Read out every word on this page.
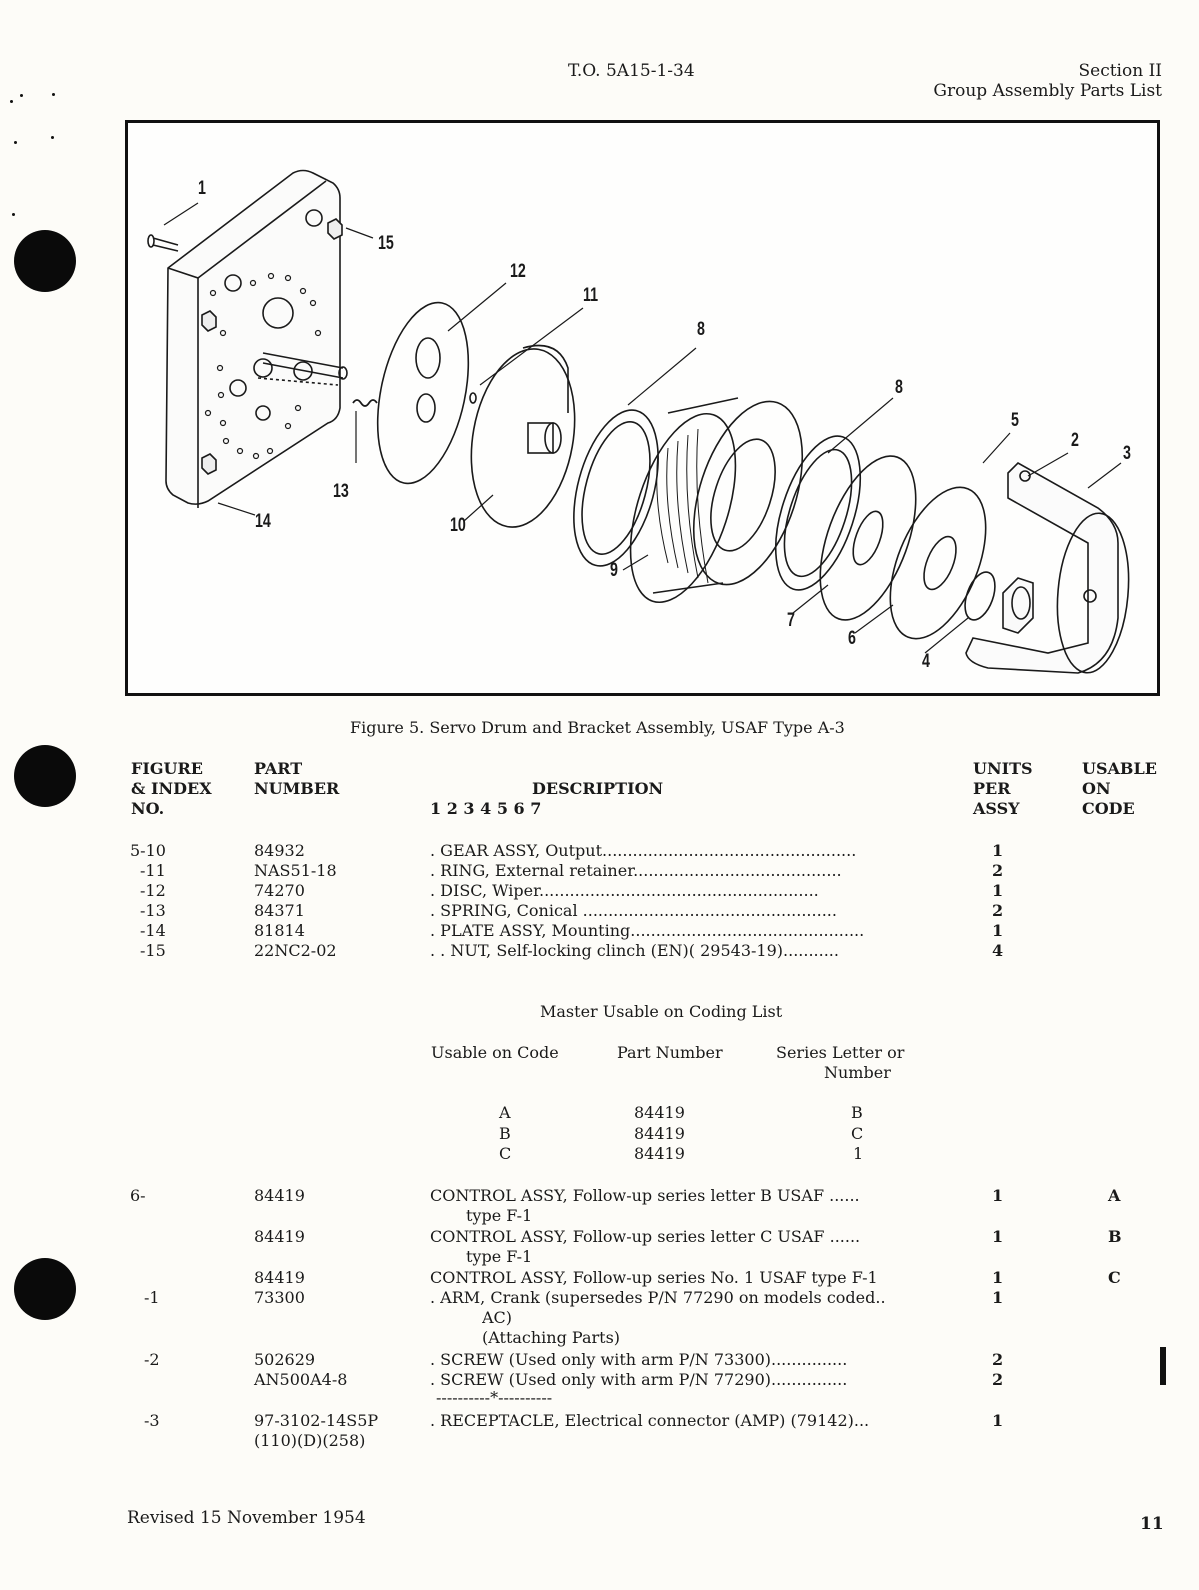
T.O. 5A15-1-34	Section II
Group Assembly Parts List
1
15
12
11
8
8
5
2
3
13
14	10
9
7
6
4
Figure 5. Servo Drum and Bracket Assembly, USAF Type A-3
FIGURE
& INDEX
NO.
PART
NUMBER	DESCRIPTION
1 2 3 4 5 6 7
UNITS
PER
ASSY
USABLE
ON
CODE
5-10	84932	. GEAR ASSY, Output..................................................	1
-11	NAS51-18	. RING, External retainer.........................................	2
-12	74270	. DISC, Wiper.......................................................	1
-13	84371	. SPRING, Conical ..................................................	2
-14	81814	. PLATE ASSY, Mounting..............................................	1
-15	22NC2-02	. . NUT, Self-locking clinch (EN)( 29543-19)...........	4
Master Usable on Coding List
Usable on Code	Part Number	Series Letter or
Number
A	84419	B
B	84419	C
C	84419	1
6-	84419	CONTROL ASSY, Follow-up series letter B USAF ......	1	A
type F-1
84419	CONTROL ASSY, Follow-up series letter C USAF ......	1	B
type F-1
84419	CONTROL ASSY, Follow-up series No. 1 USAF type F-1	1	C
-1	73300	. ARM, Crank (supersedes P/N 77290 on models coded..	1
AC)
(Attaching Parts)
-2	502629	. SCREW (Used only with arm P/N 73300)...............	2
AN500A4-8	. SCREW (Used only with arm P/N 77290)...............	2
----------*----------
-3	97-3102-14S5P	. RECEPTACLE, Electrical connector (AMP) (79142)...	1
(110)(D)(258)
Revised 15 November 1954	11
